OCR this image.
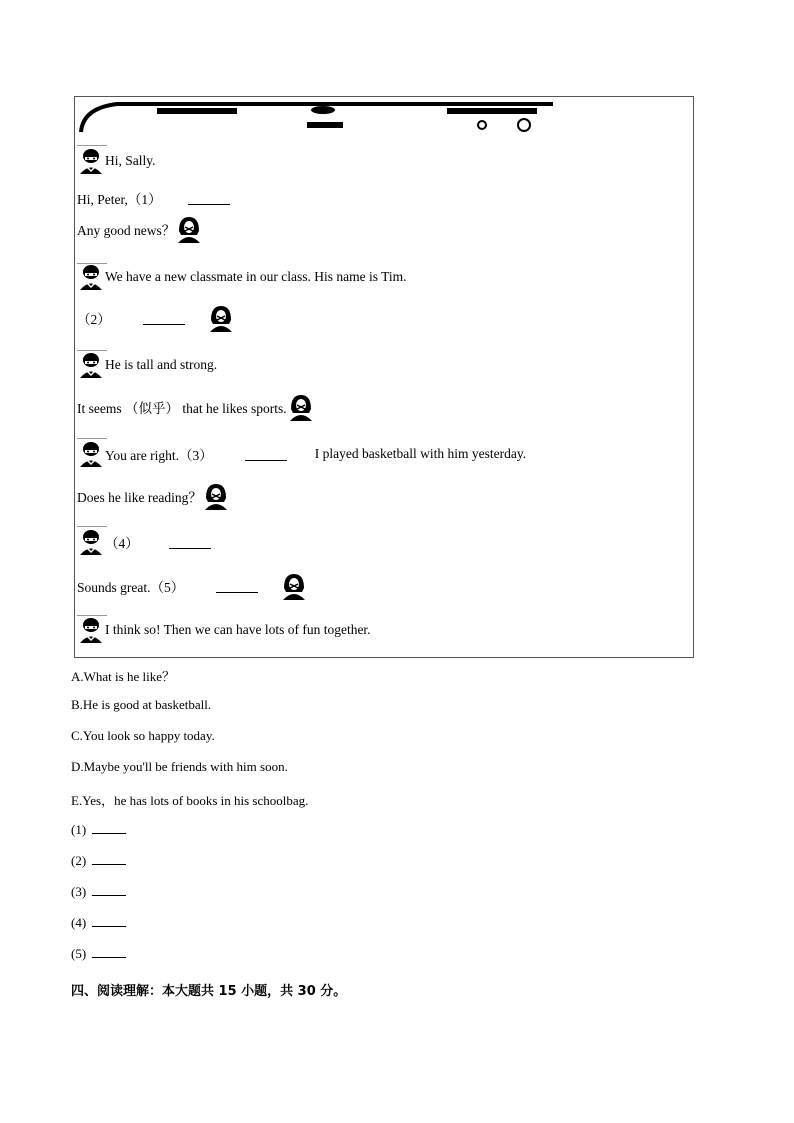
Hi, Sally.
Hi, Peter,（1）
Any good news？
We have a new classmate in our class. His name is Tim.
（2）
He is tall and strong.
It seems （似乎） that he likes sports.
You are right.（3）	I played basketball with him yesterday.
Does he like reading？
（4）
Sounds great.（5）
I think so! Then we can have lots of fun together.
A.What is he like？
B.He is good at basketball.
C.You look so happy today.
D.Maybe you'll be friends with him soon.
E.Yes，he has lots of books in his schoolbag.
(1)
(2)
(3)
(4)
(5)
四、阅读理解：本大题共 15 小题，共 30 分。
